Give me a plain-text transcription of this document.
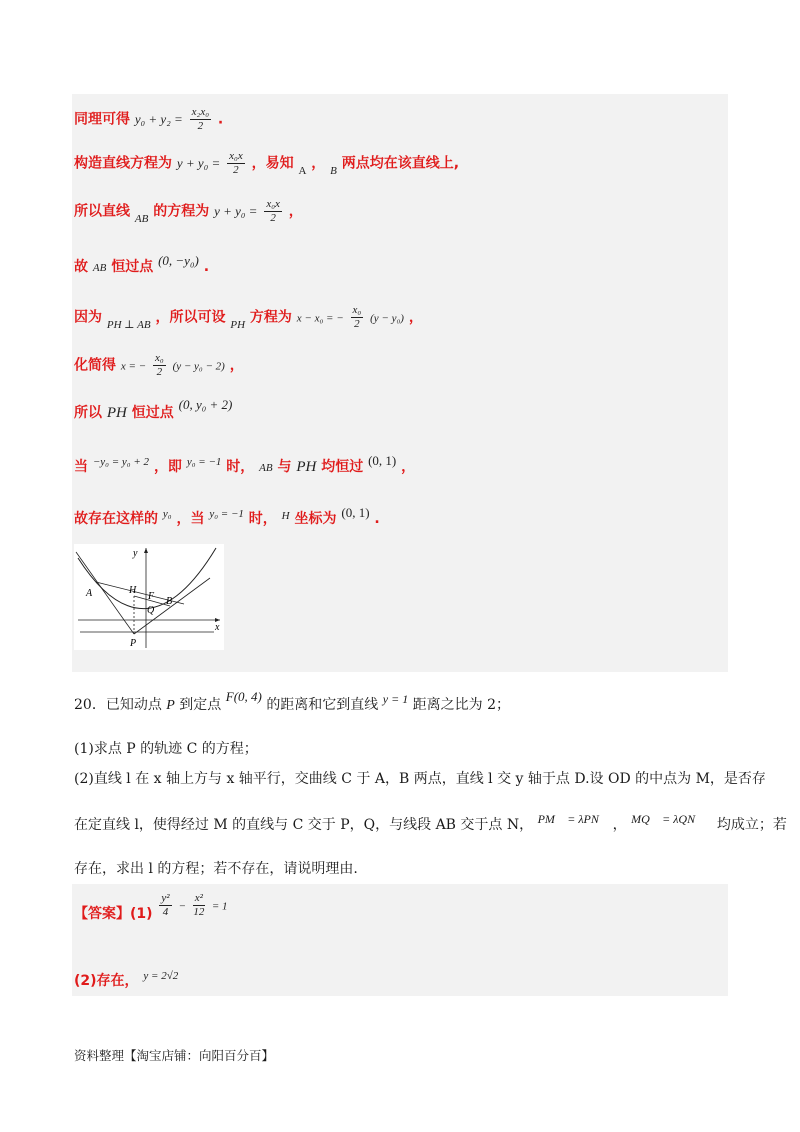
同理可得 $y_0 + y_2 = \frac{\text{x₂x₀}}{2}$ .
构造直线方程为 $y + y_0 = \frac{\text{x₀x}}{2}$ ，易知 $_A$ ， $_B$ 两点均在该直线上,
所以直线 $_{AB}$ 的方程为 $y + y_0 = \frac{\text{x₀x}}{2}$ ，
故 AB 恒过点 (0, −y₀) .
因为 $_{PH \perp AB}$ ，所以可设 $_{PH}$ 方程为 x − x₀ = − $\frac{\text{x₀}}{2} (y - y_0)$ ，
化简得 x = − $\frac{\text{x₀}}{2} (y - y_0 - 2)$ ，
所以 PH 恒过点 (0, y₀ + 2)
当 $^{-y_0 = y_0 + 2}$ ，即 $^{y_0 = -1}$ 时， AB 与 PH 均恒过 (0, 1) ，
故存在这样的 $^{y_0}$ ，当 $^{y_0 = -1}$ 时， $^H$ 坐标为 (0, 1) .
y
x
A	H
F B
Q
P
20．已知动点 P 到定点 F(0, 4) 的距离和它到直线 y = 1 距离之比为 2；
(1)求点 P 的轨迹 C 的方程；
(2)直线 l 在 x 轴上方与 x 轴平行，交曲线 C 于 A，B 两点，直线 l 交 y 轴于点 D.设 OD 的中点为 M，是否存
在定直线 l，使得经过 M 的直线与 C 交于 P，Q，与线段 AB 交于点 N， PM⃗ = λPN⃗ ， MQ⃗ = λQN⃗ 均成立；若
存在，求出 l 的方程；若不存在，请说明理由.
【答案】$(1) \frac{\text{y²}}{4} - \frac{\text{x²}}{12} = 1$
(2)存在， y = 2√2
资料整理【淘宝店铺：向阳百分百】
